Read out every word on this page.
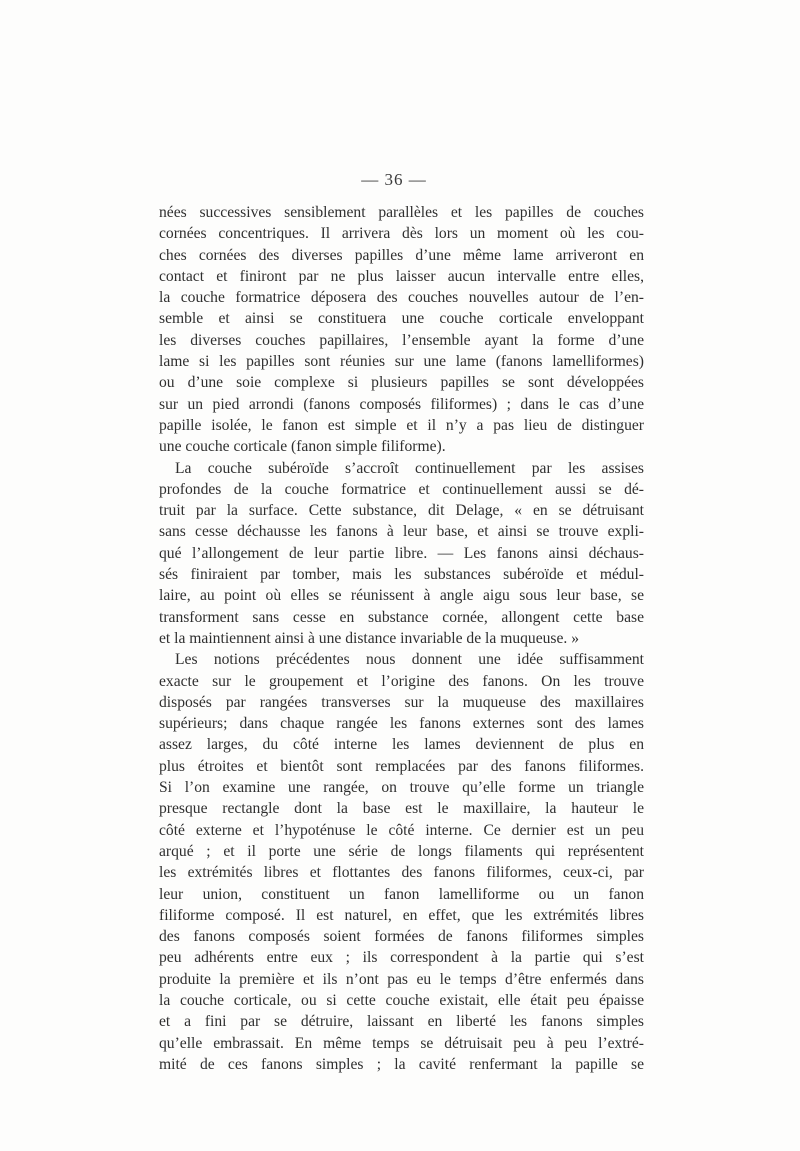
— 36 —
nées successives sensiblement parallèles et les papilles de couches
cornées concentriques. Il arrivera dès lors un moment où les cou-
ches cornées des diverses papilles d’une même lame arriveront en
contact et finiront par ne plus laisser aucun intervalle entre elles,
la couche formatrice déposera des couches nouvelles autour de l’en-
semble et ainsi se constituera une couche corticale enveloppant
les diverses couches papillaires, l’ensemble ayant la forme d’une
lame si les papilles sont réunies sur une lame (fanons lamelliformes)
ou d’une soie complexe si plusieurs papilles se sont développées
sur un pied arrondi (fanons composés filiformes) ; dans le cas d’une
papille isolée, le fanon est simple et il n’y a pas lieu de distinguer
une couche corticale (fanon simple filiforme).
La couche subéroïde s’accroît continuellement par les assises
profondes de la couche formatrice et continuellement aussi se dé-
truit par la surface. Cette substance, dit Delage, « en se détruisant
sans cesse déchausse les fanons à leur base, et ainsi se trouve expli-
qué l’allongement de leur partie libre. — Les fanons ainsi déchaus-
sés finiraient par tomber, mais les substances subéroïde et médul-
laire, au point où elles se réunissent à angle aigu sous leur base, se
transforment sans cesse en substance cornée, allongent cette base
et la maintiennent ainsi à une distance invariable de la muqueuse. »
Les notions précédentes nous donnent une idée suffisamment
exacte sur le groupement et l’origine des fanons. On les trouve
disposés par rangées transverses sur la muqueuse des maxillaires
supérieurs; dans chaque rangée les fanons externes sont des lames
assez larges, du côté interne les lames deviennent de plus en
plus étroites et bientôt sont remplacées par des fanons filiformes.
Si l’on examine une rangée, on trouve qu’elle forme un triangle
presque rectangle dont la base est le maxillaire, la hauteur le
côté externe et l’hypoténuse le côté interne. Ce dernier est un peu
arqué ; et il porte une série de longs filaments qui représentent
les extrémités libres et flottantes des fanons filiformes, ceux-ci, par
leur union, constituent un fanon lamelliforme ou un fanon
filiforme composé. Il est naturel, en effet, que les extrémités libres
des fanons composés soient formées de fanons filiformes simples
peu adhérents entre eux ; ils correspondent à la partie qui s’est
produite la première et ils n’ont pas eu le temps d’être enfermés dans
la couche corticale, ou si cette couche existait, elle était peu épaisse
et a fini par se détruire, laissant en liberté les fanons simples
qu’elle embrassait. En même temps se détruisait peu à peu l’extré-
mité de ces fanons simples ; la cavité renfermant la papille se
